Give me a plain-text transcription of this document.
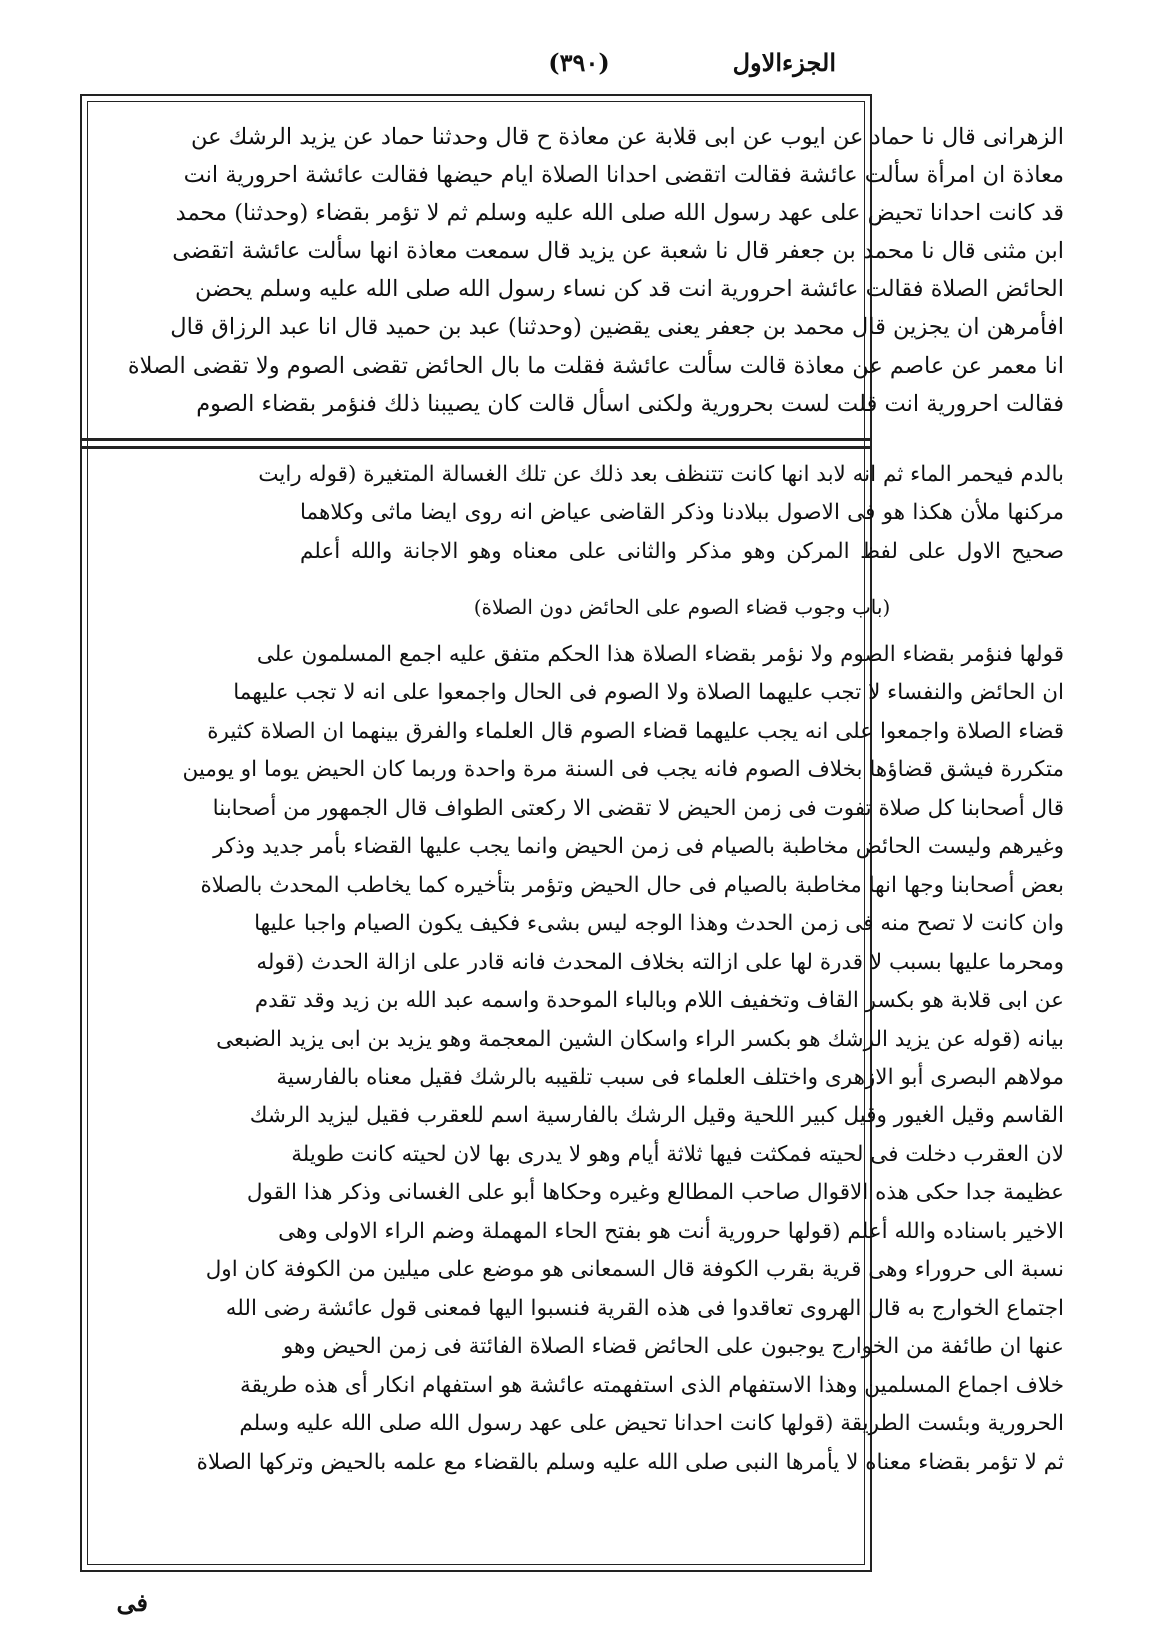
الجزءالاول
(٣٩٠)

الزهرانی قال نا حماد عن ایوب عن ابی قلابة عن معاذة ح قال وحدثنا حماد عن یزید الرشك عن

معاذة ان امرأة سألت عائشة فقالت اتقضی احدانا الصلاة ایام حیضها فقالت عائشة احروریة انت

قد كانت احدانا تحیض علی عهد رسول الله صلی الله علیه وسلم ثم لا تؤمر بقضاء (وحدثنا) محمد

ابن مثنی قال نا محمد بن جعفر قال نا شعبة عن یزید قال سمعت معاذة انها سألت عائشة اتقضی

الحائض الصلاة فقالت عائشة احروریة انت قد كن نساء رسول الله صلی الله علیه وسلم یحضن

افأمرهن ان یجزین قال محمد بن جعفر یعنی یقضین (وحدثنا) عبد بن حمید قال انا عبد الرزاق قال

انا معمر عن عاصم عن معاذة قالت سألت عائشة فقلت ما بال الحائض تقضی الصوم ولا تقضی الصلاة

فقالت احروریة انت قلت لست بحروریة ولكنی اسأل قالت كان یصیبنا ذلك فنؤمر بقضاء الصوم

بالدم فیحمر الماء ثم انه لابد انها كانت تتنظف بعد ذلك عن تلك الغسالة المتغیرة (قوله رایت

مركنها ملأن هكذا هو فی الاصول ببلادنا وذكر القاضی عیاض انه روی ایضا ماثی وكلاهما

صحیح الاول علی لفظ المركن وهو مذكر والثانی علی معناه وهو الاجانة والله أعلم

(باب وجوب قضاء الصوم علی الحائض دون الصلاة)

قولها فنؤمر بقضاء الصوم ولا نؤمر بقضاء الصلاة هذا الحكم متفق علیه اجمع المسلمون علی

ان الحائض والنفساء لا تجب علیهما الصلاة ولا الصوم فی الحال واجمعوا علی انه لا تجب علیهما

قضاء الصلاة واجمعوا علی انه یجب علیهما قضاء الصوم قال العلماء والفرق بینهما ان الصلاة كثیرة

متكررة فیشق قضاؤها بخلاف الصوم فانه یجب فی السنة مرة واحدة وربما كان الحیض یوما او یومین

قال أصحابنا كل صلاة تفوت فی زمن الحیض لا تقضی الا ركعتی الطواف قال الجمهور من أصحابنا

وغیرهم ولیست الحائض مخاطبة بالصیام فی زمن الحیض وانما یجب علیها القضاء بأمر جدید وذكر

بعض أصحابنا وجها انها مخاطبة بالصیام فی حال الحیض وتؤمر بتأخیره كما یخاطب المحدث بالصلاة

وان كانت لا تصح منه فی زمن الحدث وهذا الوجه لیس بشیء فكیف یكون الصیام واجبا علیها

ومحرما علیها بسبب لا قدرة لها علی ازالته بخلاف المحدث فانه قادر علی ازالة الحدث (قوله

عن ابی قلابة هو بكسر القاف وتخفیف اللام وبالباء الموحدة واسمه عبد الله بن زید وقد تقدم

بیانه (قوله عن یزید الرشك هو بكسر الراء واسكان الشین المعجمة وهو یزید بن ابی یزید الضبعی

مولاهم البصری أبو الازهری واختلف العلماء فی سبب تلقیبه بالرشك فقیل معناه بالفارسیة

القاسم وقیل الغیور وقیل كبیر اللحیة وقیل الرشك بالفارسیة اسم للعقرب فقیل لیزید الرشك

لان العقرب دخلت فی لحیته فمكثت فیها ثلاثة أیام وهو لا یدری بها لان لحیته كانت طویلة

عظیمة جدا حكی هذه الاقوال صاحب المطالع وغیره وحكاها أبو علی الغسانی وذكر هذا القول

الاخیر باسناده والله أعلم (قولها حروریة أنت هو بفتح الحاء المهملة وضم الراء الاولی وهی

نسبة الی حروراء وهی قریة بقرب الكوفة قال السمعانی هو موضع علی میلین من الكوفة كان اول

اجتماع الخوارج به قال الهروی تعاقدوا فی هذه القریة فنسبوا الیها فمعنی قول عائشة رضی الله

عنها ان طائفة من الخوارج یوجبون علی الحائض قضاء الصلاة الفائتة فی زمن الحیض وهو

خلاف اجماع المسلمین وهذا الاستفهام الذی استفهمته عائشة هو استفهام انكار أی هذه طریقة

الحروریة وبئست الطریقة (قولها كانت احدانا تحیض علی عهد رسول الله صلی الله علیه وسلم

ثم لا تؤمر بقضاء معناه لا یأمرها النبی صلی الله علیه وسلم بالقضاء مع علمه بالحیض وتركها الصلاة

فی
